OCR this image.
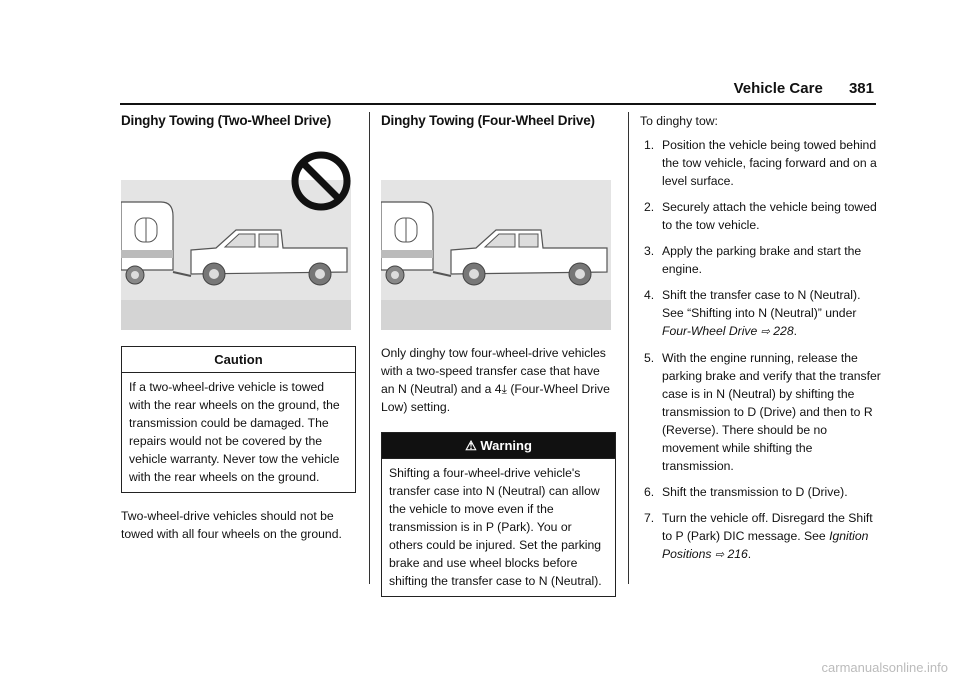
Vehicle Care 381
Dinghy Towing (Two-Wheel Drive)
Caution
If a two-wheel-drive vehicle is towed with the rear wheels on the ground, the transmission could be damaged. The repairs would not be covered by the vehicle warranty. Never tow the vehicle with the rear wheels on the ground.

Two-wheel-drive vehicles should not be towed with all four wheels on the ground.

Dinghy Towing (Four-Wheel Drive)

Only dinghy tow four-wheel-drive vehicles with a two-speed transfer case that have an N (Neutral) and a 4⤓ (Four-Wheel Drive Low) setting.

⚠ Warning
Shifting a four-wheel-drive vehicle's transfer case into N (Neutral) can allow the vehicle to move even if the transmission is in P (Park). You or others could be injured. Set the parking brake and use wheel blocks before shifting the transfer case to N (Neutral).

To dinghy tow:

1. Position the vehicle being towed behind the tow vehicle, facing forward and on a level surface.
2. Securely attach the vehicle being towed to the tow vehicle.
3. Apply the parking brake and start the engine.
4. Shift the transfer case to N (Neutral). See “Shifting into N (Neutral)” under Four-Wheel Drive ⇨ 228.
5. With the engine running, release the parking brake and verify that the transfer case is in N (Neutral) by shifting the transmission to D (Drive) and then to R (Reverse). There should be no movement while shifting the transmission.
6. Shift the transmission to D (Drive).
7. Turn the vehicle off. Disregard the Shift to P (Park) DIC message. See Ignition Positions ⇨ 216.
carmanualsonline.info
